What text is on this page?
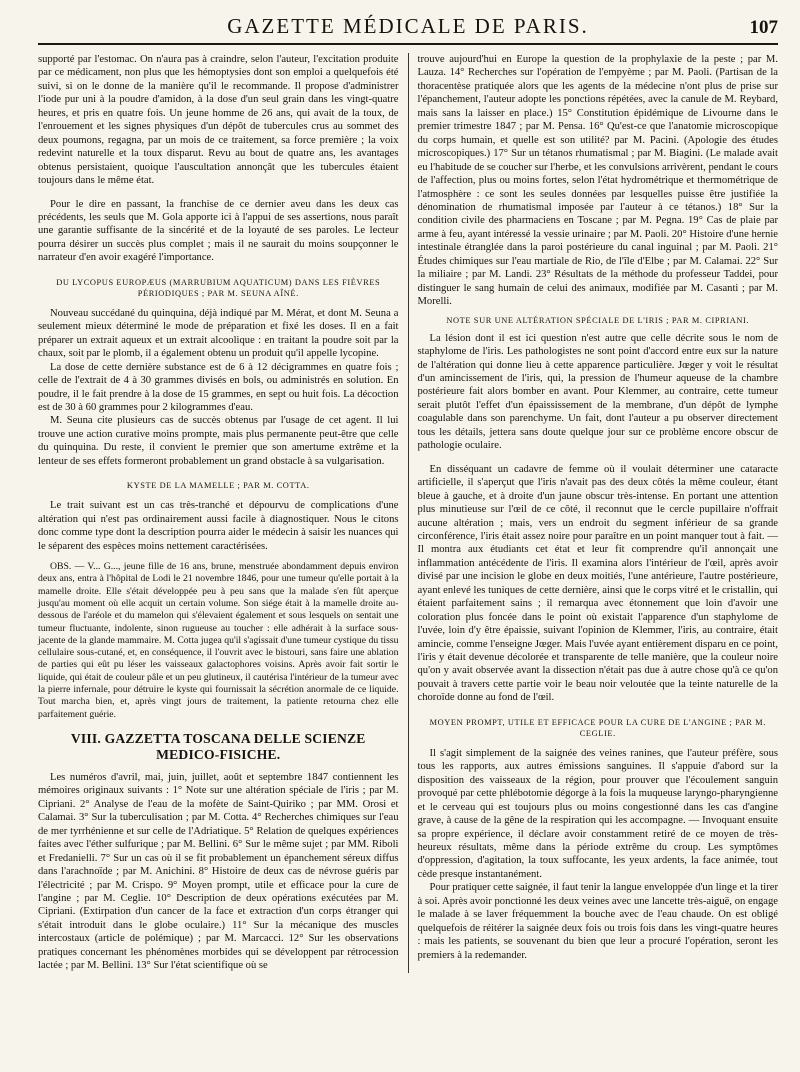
GAZETTE MÉDICALE DE PARIS.	107

supporté par l'estomac. On n'aura pas à craindre, selon l'auteur, l'excitation produite par ce médicament, non plus que les hémoptysies dont son emploi a quelquefois été suivi, si on le donne de la manière qu'il le recommande. Il propose d'administrer l'iode pur uni à la poudre d'amidon, à la dose d'un seul grain dans les vingt-quatre heures, et pris en quatre fois. Un jeune homme de 26 ans, qui avait de la toux, de l'enrouement et les signes physiques d'un dépôt de tubercules crus au sommet des deux poumons, regagna, par un mois de ce traitement, sa force première ; la voix redevint naturelle et la toux disparut. Revu au bout de quatre ans, les avantages obtenus persistaient, quoique l'auscultation annonçât que les tubercules étaient toujours dans le même état.

Pour le dire en passant, la franchise de ce dernier aveu dans les deux cas précédents, les seuls que M. Gola apporte ici à l'appui de ses assertions, nous paraît une garantie suffisante de la sincérité et de la loyauté de ses paroles. Le lecteur pourra désirer un succès plus complet ; mais il ne saurait du moins soupçonner le narrateur d'en avoir exagéré l'importance.

DU LYCOPUS EUROPÆUS (MARRUBIUM AQUATICUM) DANS LES FIÈVRES PÉRIODIQUES ; PAR M. SEUNA AÎNÉ.

Nouveau succédané du quinquina, déjà indiqué par M. Mérat, et dont M. Seuna a seulement mieux déterminé le mode de préparation et fixé les doses. Il en a fait préparer un extrait aqueux et un extrait alcoolique : en traitant la poudre soit par la chaux, soit par le plomb, il a également obtenu un produit qu'il appelle lycopine.

La dose de cette dernière substance est de 6 à 12 décigrammes en quatre fois ; celle de l'extrait de 4 à 30 grammes divisés en bols, ou administrés en solution. En poudre, il le fait prendre à la dose de 15 grammes, en sept ou huit fois. La décoction est de 30 à 60 grammes pour 2 kilogrammes d'eau.

M. Seuna cite plusieurs cas de succès obtenus par l'usage de cet agent. Il lui trouve une action curative moins prompte, mais plus permanente peut-être que celle du quinquina. Du reste, il convient le premier que son amertume extrême et la lenteur de ses effets formeront probablement un grand obstacle à sa vulgarisation.

KYSTE DE LA MAMELLE ; PAR M. COTTA.

Le trait suivant est un cas très-tranché et dépourvu de complications d'une altération qui n'est pas ordinairement aussi facile à diagnostiquer. Nous le citons donc comme type dont la description pourra aider le médecin à saisir les nuances qui le séparent des espèces moins nettement caractérisées.

OBS. — V... G..., jeune fille de 16 ans, brune, menstruée abondamment depuis environ deux ans, entra à l'hôpital de Lodi le 21 novembre 1846, pour une tumeur qu'elle portait à la mamelle droite. Elle s'était développée peu à peu sans que la malade s'en fût aperçue jusqu'au moment où elle acquit un certain volume. Son siége était à la mamelle droite au-dessous de l'aréole et du mamelon qui s'élevaient également et sous lesquels on sentait une tumeur fluctuante, indolente, sinon rugueuse au toucher : elle adhérait à la surface sous-jacente de la glande mammaire. M. Cotta jugea qu'il s'agissait d'une tumeur cystique du tissu cellulaire sous-cutané, et, en conséquence, il l'ouvrit avec le bistouri, sans faire une ablation de parties qui eût pu léser les vaisseaux galactophores voisins. Après avoir fait sortir le liquide, qui était de couleur pâle et un peu glutineux, il cautérisa l'intérieur de la tumeur avec la pierre infernale, pour détruire le kyste qui fournissait la sécrétion anormale de ce liquide. Tout marcha bien, et, après vingt jours de traitement, la patiente retourna chez elle parfaitement guérie.

VIII. GAZZETTA TOSCANA DELLE SCIENZE MEDICO-FISICHE.

Les numéros d'avril, mai, juin, juillet, août et septembre 1847 contiennent les mémoires originaux suivants : 1° Note sur une altération spéciale de l'iris ; par M. Cipriani. 2° Analyse de l'eau de la mofète de Saint-Quiriko ; par MM. Orosi et Calamai. 3° Sur la tuberculisation ; par M. Cotta. 4° Recherches chimiques sur l'eau de mer tyrrhénienne et sur celle de l'Adriatique. 5° Relation de quelques expériences faites avec l'éther sulfurique ; par M. Bellini. 6° Sur le même sujet ; par MM. Riboli et Fredanielli. 7° Sur un cas où il se fit probablement un épanchement séreux diffus dans l'arachnoïde ; par M. Anichini. 8° Histoire de deux cas de névrose guéris par l'électricité ; par M. Crispo. 9° Moyen prompt, utile et efficace pour la cure de l'angine ; par M. Ceglie. 10° Description de deux opérations exécutées par M. Cipriani. (Extirpation d'un cancer de la face et extraction d'un corps étranger qui s'était introduit dans le globe oculaire.) 11° Sur la mécanique des muscles intercostaux (article de polémique) ; par M. Marcacci. 12° Sur les observations pratiques concernant les phénomènes morbides qui se développent par rétrocession lactée ; par M. Bellini. 13° Sur l'état scientifique où se

trouve aujourd'hui en Europe la question de la prophylaxie de la peste ; par M. Lauza. 14° Recherches sur l'opération de l'empyème ; par M. Paoli. (Partisan de la thoracentèse pratiquée alors que les agents de la médecine n'ont plus de prise sur l'épanchement, l'auteur adopte les ponctions répétées, avec la canule de M. Reybard, mais sans la laisser en place.) 15° Constitution épidémique de Livourne dans le premier trimestre 1847 ; par M. Pensa. 16° Qu'est-ce que l'anatomie microscopique du corps humain, et quelle est son utilité? par M. Pacini. (Apologie des études microscopiques.) 17° Sur un tétanos rhumatismal ; par M. Biagini. (Le malade avait eu l'habitude de se coucher sur l'herbe, et les convulsions arrivèrent, pendant le cours de l'affection, plus ou moins fortes, selon l'état hydrométrique et thermométrique de l'atmosphère : ce sont les seules données par lesquelles puisse être justifiée la dénomination de rhumatismal imposée par l'auteur à ce tétanos.) 18° Sur la condition civile des pharmaciens en Toscane ; par M. Pegna. 19° Cas de plaie par arme à feu, ayant intéressé la vessie urinaire ; par M. Paoli. 20° Histoire d'une hernie intestinale étranglée dans la paroi postérieure du canal inguinal ; par M. Paoli. 21° Études chimiques sur l'eau martiale de Rio, de l'île d'Elbe ; par M. Calamai. 22° Sur la miliaire ; par M. Landi. 23° Résultats de la méthode du professeur Taddei, pour distinguer le sang humain de celui des animaux, modifiée par M. Casanti ; par M. Morelli.

NOTE SUR UNE ALTÉRATION SPÉCIALE DE L'IRIS ; PAR M. CIPRIANI.

La lésion dont il est ici question n'est autre que celle décrite sous le nom de staphylome de l'iris. Les pathologistes ne sont point d'accord entre eux sur la nature de l'altération qui donne lieu à cette apparence particulière. Jœger y voit le résultat d'un amincissement de l'iris, qui, la pression de l'humeur aqueuse de la chambre postérieure fait alors bomber en avant. Pour Klemmer, au contraire, cette tumeur serait plutôt l'effet d'un épaississement de la membrane, d'un dépôt de lymphe coagulable dans son parenchyme. Un fait, dont l'auteur a pu observer directement tous les détails, jettera sans doute quelque jour sur ce problème encore obscur de pathologie oculaire.

En disséquant un cadavre de femme où il voulait déterminer une cataracte artificielle, il s'aperçut que l'iris n'avait pas des deux côtés la même couleur, étant bleue à gauche, et à droite d'un jaune obscur très-intense. En portant une attention plus minutieuse sur l'œil de ce côté, il reconnut que le cercle pupillaire n'offrait aucune altération ; mais, vers un endroit du segment inférieur de sa grande circonférence, l'iris était assez noire pour paraître en un point manquer tout à fait. — Il montra aux étudiants cet état et leur fit comprendre qu'il annonçait une inflammation antécédente de l'iris. Il examina alors l'intérieur de l'œil, après avoir divisé par une incision le globe en deux moitiés, l'une antérieure, l'autre postérieure, ayant enlevé les tuniques de cette dernière, ainsi que le corps vitré et le cristallin, qui étaient parfaitement sains ; il remarqua avec étonnement que loin d'avoir une coloration plus foncée dans le point où existait l'apparence d'un staphylome de l'uvée, loin d'y être épaissie, suivant l'opinion de Klemmer, l'iris, au contraire, était amincie, comme l'enseigne Jœger. Mais l'uvée ayant entièrement disparu en ce point, l'iris y était devenue décolorée et transparente de telle manière, que la couleur noire qu'on y avait observée avant la dissection n'était pas due à autre chose qu'à ce qu'on pouvait à travers cette partie voir le beau noir veloutée que la teinte naturelle de la choroïde donne au fond de l'œil.

MOYEN PROMPT, UTILE ET EFFICACE POUR LA CURE DE L'ANGINE ; PAR M. CEGLIE.

Il s'agit simplement de la saignée des veines ranines, que l'auteur préfère, sous tous les rapports, aux autres émissions sanguines. Il s'appuie d'abord sur la disposition des vaisseaux de la région, pour prouver que l'écoulement sanguin provoqué par cette phlébotomie dégorge à la fois la muqueuse laryngo-pharyngienne et le cerveau qui est toujours plus ou moins congestionné dans les cas d'angine grave, à cause de la gêne de la respiration qui les accompagne. — Invoquant ensuite sa propre expérience, il déclare avoir constamment retiré de ce moyen de très-heureux résultats, même dans la période extrême du croup. Les symptômes d'oppression, d'agitation, la toux suffocante, les yeux ardents, la face animée, tout cède presque instantanément.

Pour pratiquer cette saignée, il faut tenir la langue enveloppée d'un linge et la tirer à soi. Après avoir ponctionné les deux veines avec une lancette très-aiguë, on engage le malade à se laver fréquemment la bouche avec de l'eau chaude. On est obligé quelquefois de réitérer la saignée deux fois ou trois fois dans les vingt-quatre heures : mais les patients, se souvenant du bien que leur a procuré l'opération, seront les premiers à la redemander.
